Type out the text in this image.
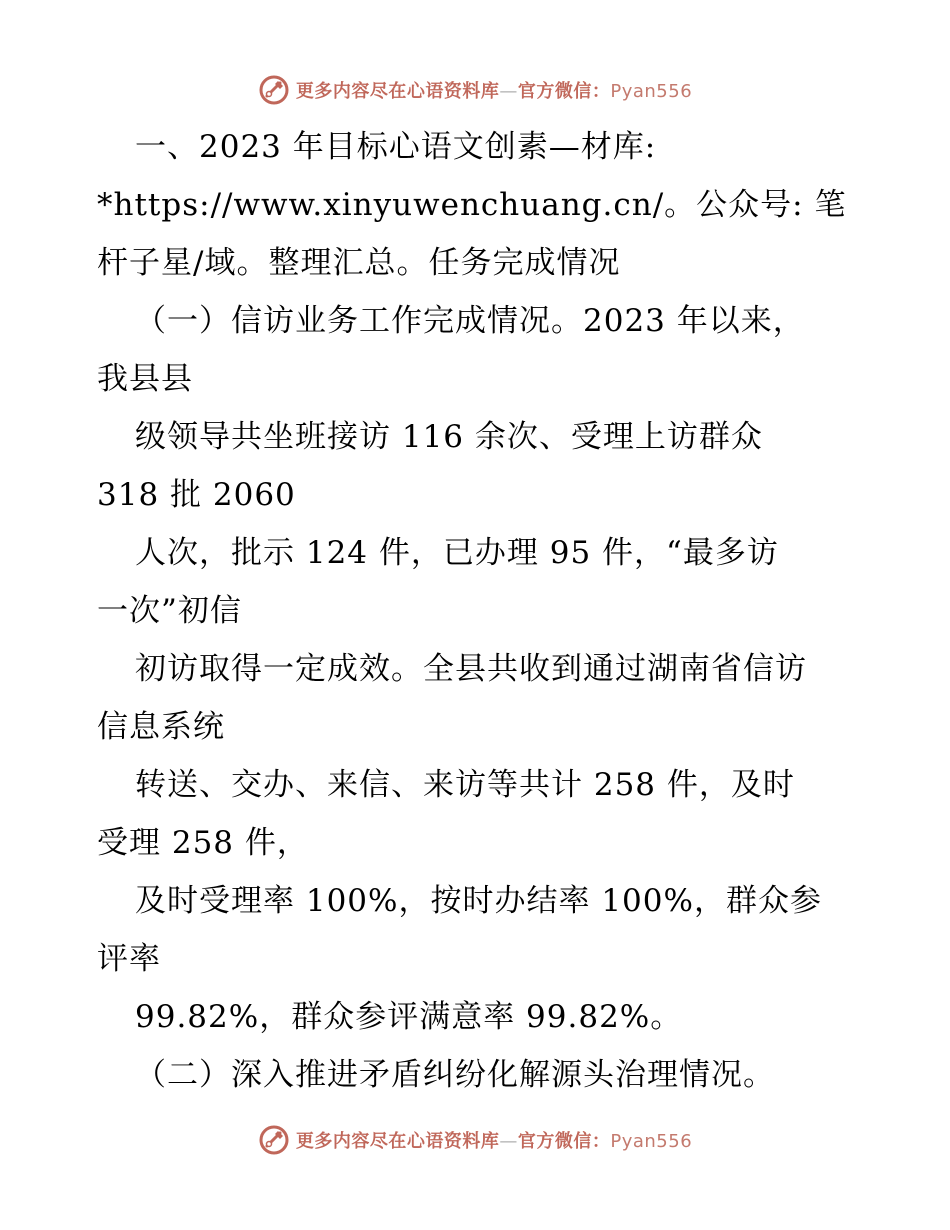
更多内容尽在心语资料库—官方微信：Pyan556
一、2023 年目标心语文创素—材库:
*https://www.xinyuwenchuang.cn/。公众号: 笔
杆子星/域。整理汇总。任务完成情况
（一）信访业务工作完成情况。2023 年以来，
我县县
级领导共坐班接访 116 余次、受理上访群众
318 批 2060
人次，批示 124 件，已办理 95 件，“最多访
一次”初信
初访取得一定成效。全县共收到通过湖南省信访
信息系统
转送、交办、来信、来访等共计 258 件，及时
受理 258 件，
及时受理率 100%，按时办结率 100%，群众参
评率
99.82%，群众参评满意率 99.82%。
（二）深入推进矛盾纠纷化解源头治理情况。
更多内容尽在心语资料库—官方微信：Pyan556
